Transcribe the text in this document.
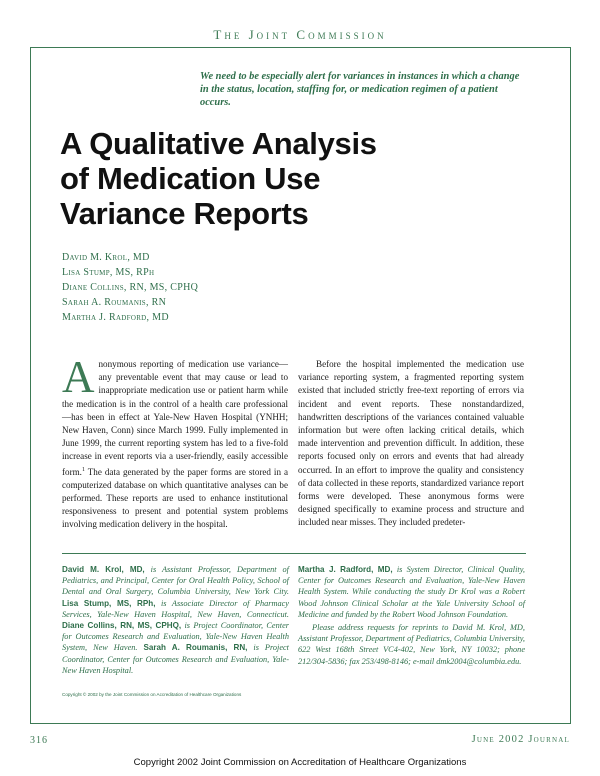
The Joint Commission
We need to be especially alert for variances in instances in which a change in the status, location, staffing for, or medication regimen of a patient occurs.
A Qualitative Analysis
of Medication Use
Variance Reports
David M. Krol, MD
Lisa Stump, MS, RPh
Diane Collins, RN, MS, CPHQ
Sarah A. Roumanis, RN
Martha J. Radford, MD
Anonymous reporting of medication use variance—any preventable event that may cause or lead to inappropriate medication use or patient harm while the medication is in the control of a health care professional—has been in effect at Yale-New Haven Hospital (YNHH; New Haven, Conn) since March 1999. Fully implemented in June 1999, the current reporting system has led to a five-fold increase in event reports via a user-friendly, easily accessible form.$^1$ The data generated by the paper forms are stored in a computerized database on which quantitative analyses can be performed. These reports are used to enhance institutional responsiveness to present and potential system problems involving medication delivery in the hospital.
Before the hospital implemented the medication use variance reporting system, a fragmented reporting system existed that included strictly free-text reporting of errors via incident and event reports. These nonstandardized, handwritten descriptions of the variances contained valuable information but were often lacking critical details, which made intervention and prevention difficult. In addition, these reports focused only on errors and events that had already occurred. In an effort to improve the quality and consistency of data collected in these reports, standardized variance report forms were developed. These anonymous forms were designed specifically to examine process and structure and included near misses. They included predeter-
David M. Krol, MD, is Assistant Professor, Department of Pediatrics, and Principal, Center for Oral Health Policy, School of Dental and Oral Surgery, Columbia University, New York City. Lisa Stump, MS, RPh, is Associate Director of Pharmacy Services, Yale-New Haven Hospital, New Haven, Connecticut. Diane Collins, RN, MS, CPHQ, is Project Coordinator, Center for Outcomes Research and Evaluation, Yale-New Haven Health System, New Haven. Sarah A. Roumanis, RN, is Project Coordinator, Center for Outcomes Research and Evaluation, Yale-New Haven Hospital.
Martha J. Radford, MD, is System Director, Clinical Quality, Center for Outcomes Research and Evaluation, Yale-New Haven Health System. While conducting the study Dr Krol was a Robert Wood Johnson Clinical Scholar at the Yale University School of Medicine and funded by the Robert Wood Johnson Foundation.
Please address requests for reprints to David M. Krol, MD, Assistant Professor, Department of Pediatrics, Columbia University, 622 West 168th Street VC4-402, New York, NY 10032; phone 212/304-5836; fax 253/498-8146; e-mail dmk2004@columbia.edu.
Copyright © 2002 by the Joint Commission on Accreditation of Healthcare Organizations
316	June 2002 Journal
Copyright 2002 Joint Commission on Accreditation of Healthcare Organizations
